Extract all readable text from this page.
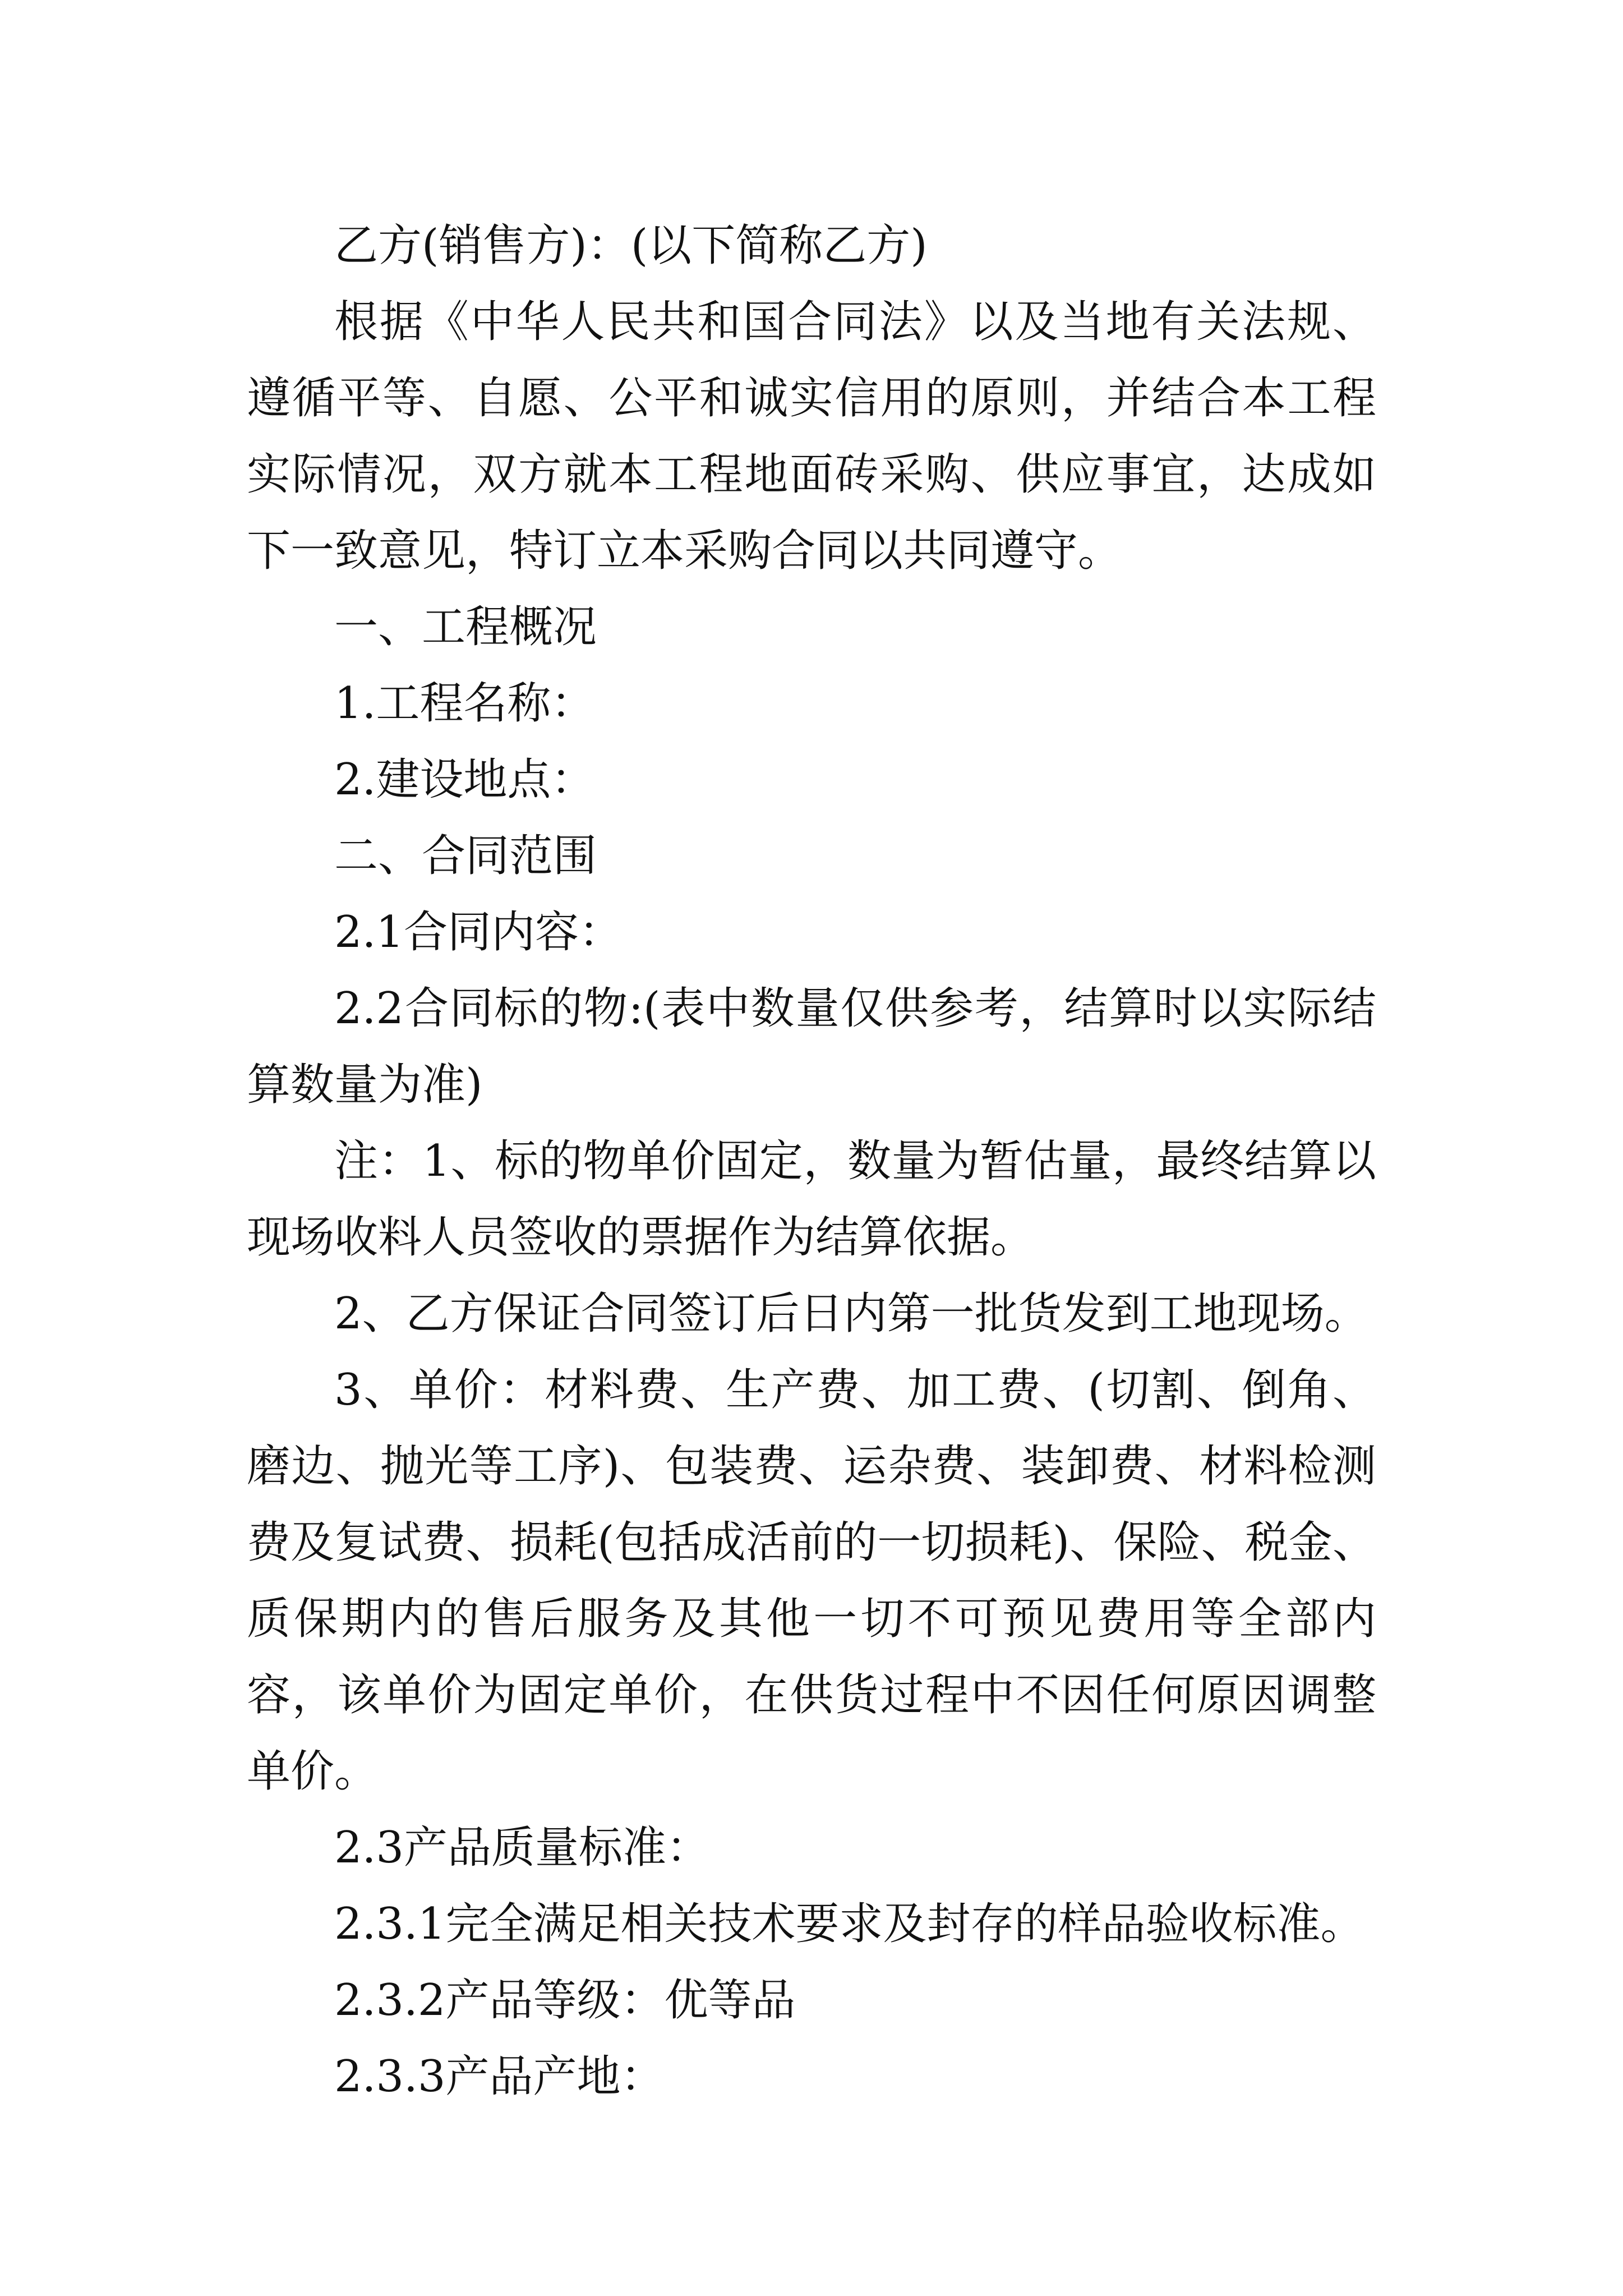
乙方(销售方)：(以下简称乙方)

根据《中华人民共和国合同法》以及当地有关法规、遵循平等、自愿、公平和诚实信用的原则，并结合本工程实际情况，双方就本工程地面砖采购、供应事宜，达成如下一致意见，特订立本采购合同以共同遵守。

一、工程概况

1.工程名称：

2.建设地点：

二、合同范围

2.1合同内容：

2.2合同标的物:(表中数量仅供参考，结算时以实际结算数量为准)

注：1、标的物单价固定，数量为暂估量，最终结算以现场收料人员签收的票据作为结算依据。

2、乙方保证合同签订后日内第一批货发到工地现场。

3、单价：材料费、生产费、加工费、(切割、倒角、磨边、抛光等工序)、包装费、运杂费、装卸费、材料检测费及复试费、损耗(包括成活前的一切损耗)、保险、税金、质保期内的售后服务及其他一切不可预见费用等全部内容，该单价为固定单价，在供货过程中不因任何原因调整单价。

2.3产品质量标准：

2.3.1完全满足相关技术要求及封存的样品验收标准。

2.3.2产品等级：优等品

2.3.3产品产地：
